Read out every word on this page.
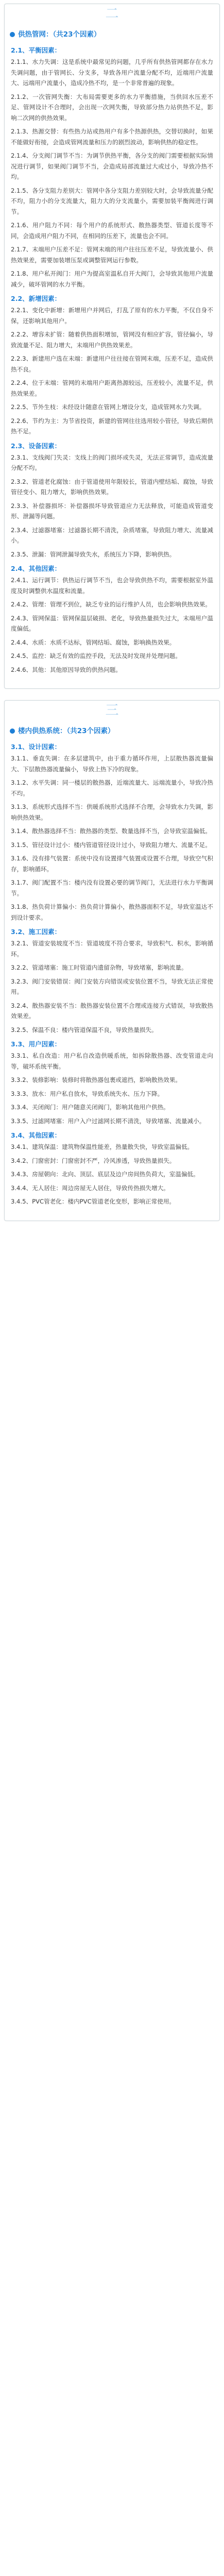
二
供热管网：（共23个因素）
2.1、平衡因素：
2.1.1、水力失调：这是系统中最常见的问题，几乎所有供热管网都存在水力失调问题，由于管网长、分支多，导致各用户流量分配不均，近端用户流量大、远端用户流量小，造成冷热不均，是一个非常普遍的现象。
2.1.2、一次管网失衡：大布局需要更多的水力平衡措施，当供回水压差不足、管网设计不合理时，会出现一次网失衡，导致部分热力站供热不足，影响二次网的供热效果。
2.1.3、热源交替：有些热力站或热用户有多个热源供热，交替切换时，如果不能做好衔接，会造成管网流量和压力的剧烈波动，影响供热的稳定性。
2.1.4、分支阀门调节不当：为调节供热平衡，各分支的阀门需要根据实际情况进行调节，如果阀门调节不当，会造成局部流量过大或过小，导致冷热不均。
2.1.5、各分支阻力差别大：管网中各分支阻力差别较大时，会导致流量分配不均，阻力小的分支流量大，阻力大的分支流量小，需要加装平衡阀进行调节。
2.1.6、用户阻力不同：每个用户的系统形式、散热器类型、管道长度等不同，会造成用户阻力不同，在相同的压差下，流量也会不同。
2.1.7、末端用户压差不足：管网末端的用户往往压差不足，导致流量小、供热效果差，需要加装增压泵或调整管网运行参数。
2.1.8、用户私开阀门：用户为提高室温私自开大阀门，会导致其他用户流量减少，破坏管网的水力平衡。
2.2、新增因素：
2.2.1、变化中新增：新增用户并网后，打乱了原有的水力平衡，不仅自身不保，还影响其他用户。
2.2.2、增容未扩管：随着供热面积增加，管网没有相应扩容，管径偏小，导致流量不足、阻力增大，末端用户供热效果差。
2.2.3、新建用户选在末端：新建用户往往接在管网末端，压差不足，造成供热不良。
2.2.4、位于末端：管网的末端用户距离热源较远，压差较小，流量不足，供热效果差。
2.2.5、节外生枝：未经设计随意在管网上增设分支，造成管网水力失调。
2.2.6、节约为主：为节省投资，新建的管网往往选用较小管径，导致后期供热不足。
2.3、设备因素：
2.3.1、支线阀门失灵：支线上的阀门损坏或失灵，无法正常调节，造成流量分配不均。
2.3.2、管道老化腐蚀：由于管道使用年限较长，管道内壁结垢、腐蚀，导致管径变小、阻力增大，影响供热效果。
2.3.3、补偿器损坏：补偿器损坏导致管道应力无法释放，可能造成管道变形、泄漏等问题。
2.3.4、过滤器堵塞：过滤器长期不清洗，杂质堵塞，导致阻力增大、流量减小。
2.3.5、泄漏：管网泄漏导致失水，系统压力下降，影响供热。
2.4、其他因素：
2.4.1、运行调节：供热运行调节不当，也会导致供热不均，需要根据室外温度及时调整供水温度和流量。
2.4.2、管理：管理不到位，缺乏专业的运行维护人员，也会影响供热效果。
2.4.3、管网保温：管网保温层破损、老化，导致热量损失过大，末端用户温度偏低。
2.4.4、水质：水质不达标，管网结垢、腐蚀，影响换热效果。
2.4.5、监控：缺乏有效的监控手段，无法及时发现并处理问题。
2.4.6、其他：其他原因导致的供热问题。
三
楼内供热系统：（共23个因素）
3.1、设计因素：
3.1.1、垂直失调：在多层建筑中，由于重力循环作用，上层散热器流量偏大、下层散热器流量偏小，导致上热下冷的现象。
3.1.2、水平失调：同一楼层的散热器，近端流量大、远端流量小，导致冷热不均。
3.1.3、系统形式选择不当：供暖系统形式选择不合理，会导致水力失调，影响供热效果。
3.1.4、散热器选择不当：散热器的类型、数量选择不当，会导致室温偏低。
3.1.5、管径设计过小：楼内管道管径设计过小，导致阻力增大、流量不足。
3.1.6、没有排气装置：系统中没有设置排气装置或设置不合理，导致空气积存，影响循环。
3.1.7、阀门配置不当：楼内没有设置必要的调节阀门，无法进行水力平衡调节。
3.1.8、热负荷计算偏小：热负荷计算偏小，散热器面积不足，导致室温达不到设计要求。
3.2、施工因素：
3.2.1、管道安装坡度不当：管道坡度不符合要求，导致积气、积水，影响循环。
3.2.2、管道堵塞：施工时管道内遗留杂物，导致堵塞，影响流量。
3.2.3、阀门安装错误：阀门安装方向错误或安装位置不当，导致无法正常使用。
3.2.4、散热器安装不当：散热器安装位置不合理或连接方式错误，导致散热效果差。
3.2.5、保温不良：楼内管道保温不良，导致热量损失。
3.3、用户因素：
3.3.1、私自改造：用户私自改造供暖系统，如拆除散热器、改变管道走向等，破坏系统平衡。
3.3.2、装修影响：装修时将散热器包裹或遮挡，影响散热效果。
3.3.3、放水：用户私自放水，导致系统失水、压力下降。
3.3.4、关闭阀门：用户随意关闭阀门，影响其他用户供热。
3.3.5、过滤网堵塞：用户入户过滤网长期不清洗，导致堵塞、流量减小。
3.4、其他因素：
3.4.1、建筑保温：建筑物保温性能差，热量散失快，导致室温偏低。
3.4.2、门窗密封：门窗密封不严，冷风渗透，导致热量损失。
3.4.3、房屋朝向：北向、顶层、底层及边户房间热负荷大，室温偏低。
3.4.4、无人居住：周边房屋无人居住，导致传热损失增大。
3.4.5、PVC管老化：楼内PVC管道老化变形，影响正常使用。
